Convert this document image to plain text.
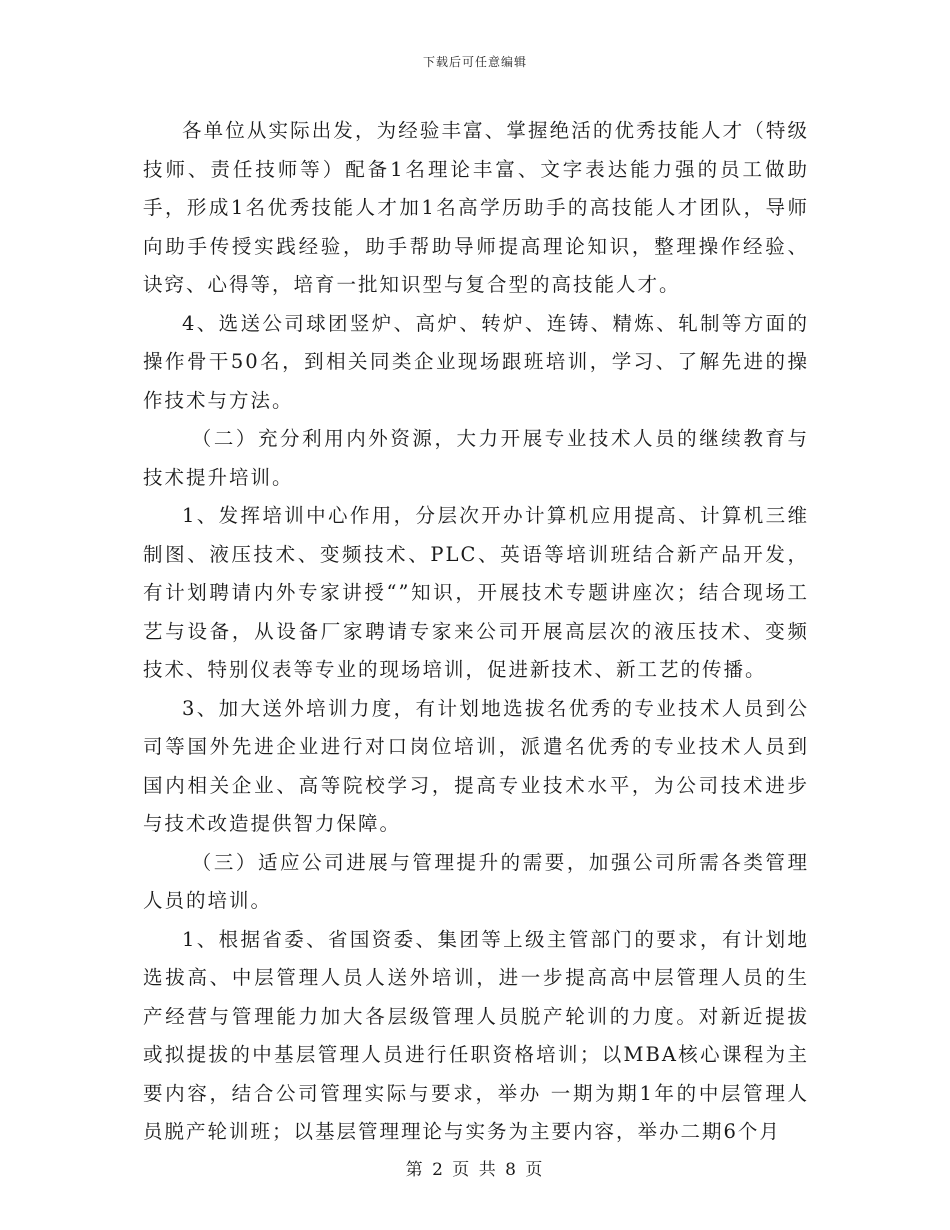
下载后可任意编辑

各单位从实际出发，为经验丰富、掌握绝活的优秀技能人才（特级技师、责任技师等）配备1名理论丰富、文字表达能力强的员工做助手，形成1名优秀技能人才加1名高学历助手的高技能人才团队，导师向助手传授实践经验，助手帮助导师提高理论知识，整理操作经验、诀窍、心得等，培育一批知识型与复合型的高技能人才。

4、选送公司球团竖炉、高炉、转炉、连铸、精炼、轧制等方面的操作骨干50名，到相关同类企业现场跟班培训，学习、了解先进的操作技术与方法。

（二）充分利用内外资源，大力开展专业技术人员的继续教育与技术提升培训。

1、发挥培训中心作用，分层次开办计算机应用提高、计算机三维制图、液压技术、变频技术、PLC、英语等培训班结合新产品开发，有计划聘请内外专家讲授“”知识，开展技术专题讲座次；结合现场工艺与设备，从设备厂家聘请专家来公司开展高层次的液压技术、变频技术、特别仪表等专业的现场培训，促进新技术、新工艺的传播。

3、加大送外培训力度，有计划地选拔名优秀的专业技术人员到公司等国外先进企业进行对口岗位培训，派遣名优秀的专业技术人员到国内相关企业、高等院校学习，提高专业技术水平，为公司技术进步与技术改造提供智力保障。

（三）适应公司进展与管理提升的需要，加强公司所需各类管理人员的培训。

1、根据省委、省国资委、集团等上级主管部门的要求，有计划地选拔高、中层管理人员人送外培训，进一步提高高中层管理人员的生产经营与管理能力加大各层级管理人员脱产轮训的力度。对新近提拔或拟提拔的中基层管理人员进行任职资格培训；以MBA核心课程为主要内容，结合公司管理实际与要求，举办 一期为期1年的中层管理人员脱产轮训班；以基层管理理论与实务为主要内容，举办二期6个月

第 2 页 共 8 页
